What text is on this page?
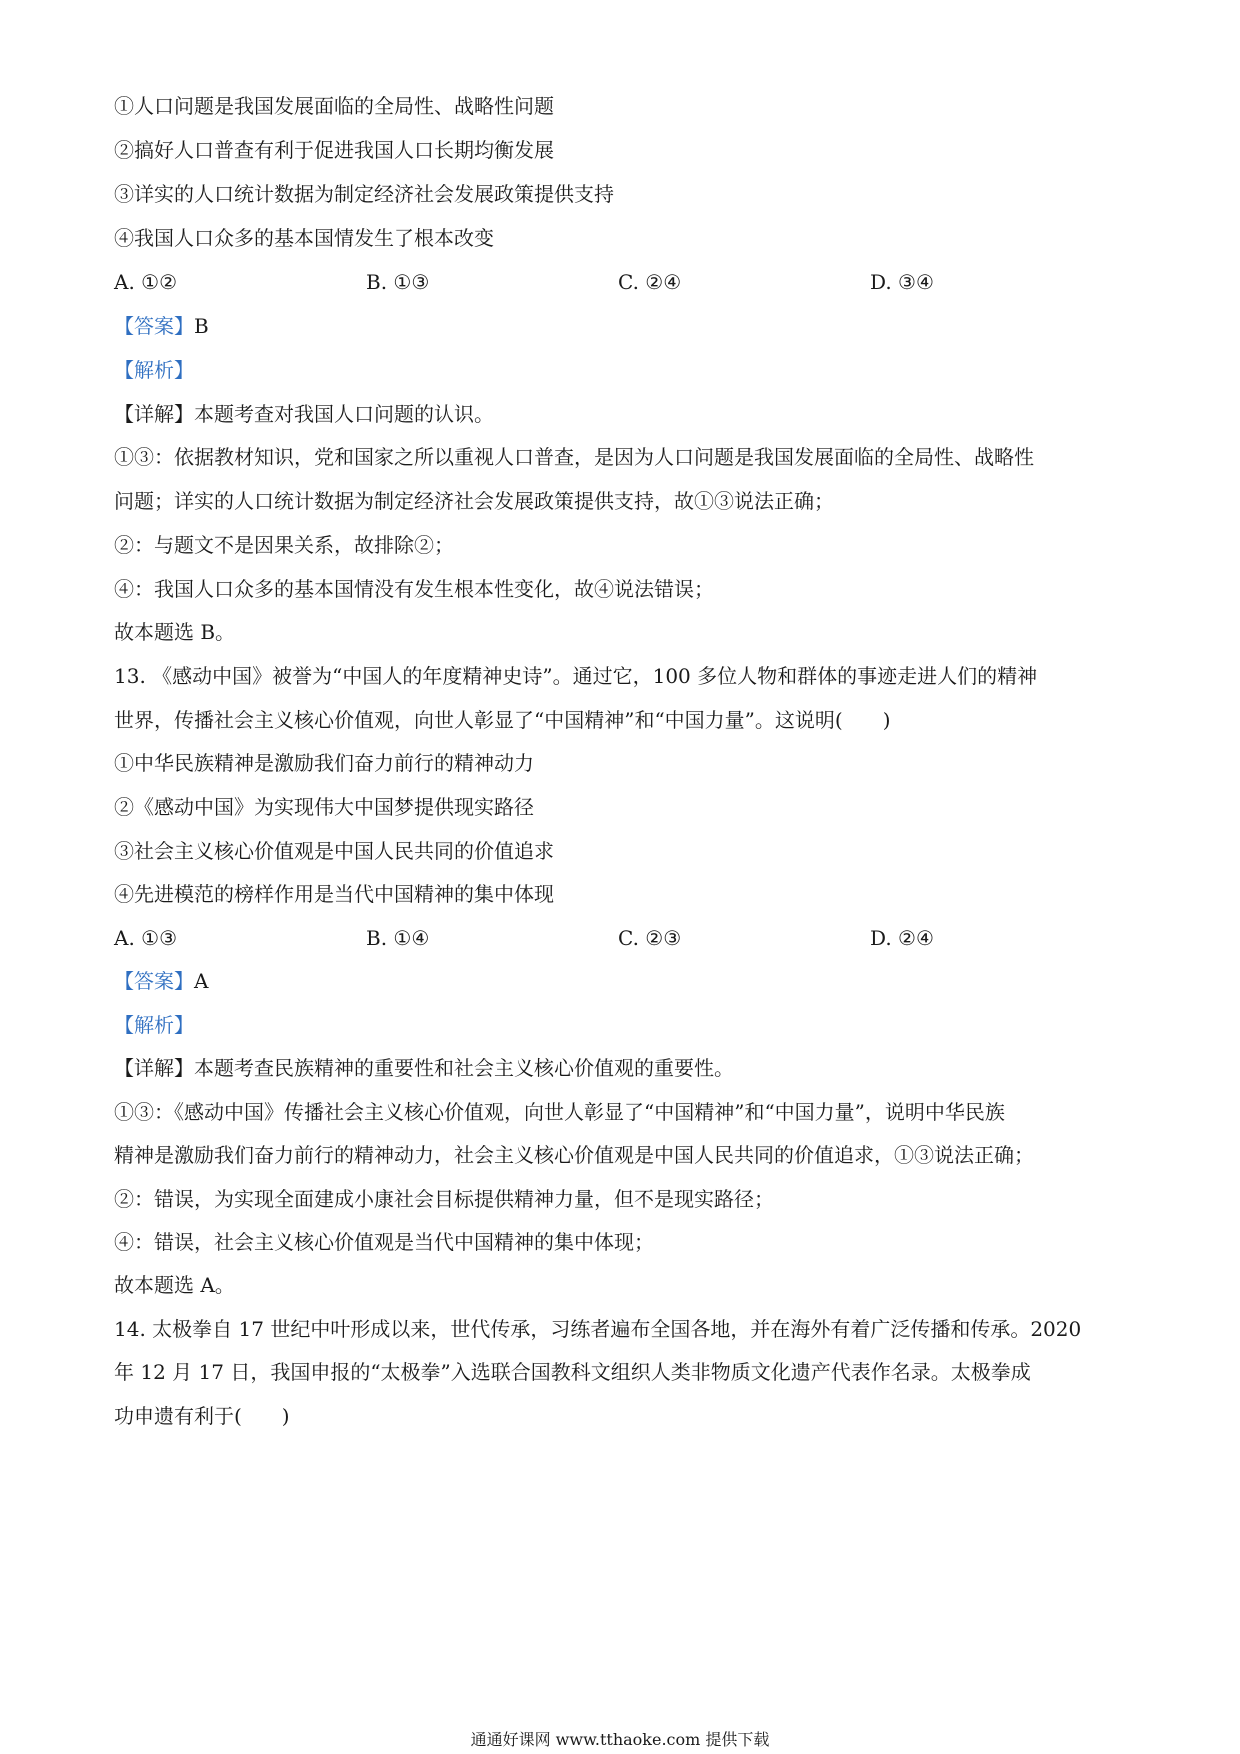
①人口问题是我国发展面临的全局性、战略性问题
②搞好人口普查有利于促进我国人口长期均衡发展
③详实的人口统计数据为制定经济社会发展政策提供支持
④我国人口众多的基本国情发生了根本改变
A. ①②	B. ①③	C. ②④	D. ③④
【答案】B
【解析】
【详解】本题考查对我国人口问题的认识。
①③：依据教材知识，党和国家之所以重视人口普查，是因为人口问题是我国发展面临的全局性、战略性
问题；详实的人口统计数据为制定经济社会发展政策提供支持，故①③说法正确；
②：与题文不是因果关系，故排除②；
④：我国人口众多的基本国情没有发生根本性变化，故④说法错误；
故本题选 B。
13. 《感动中国》被誉为“中国人的年度精神史诗”。通过它，100 多位人物和群体的事迹走进人们的精神
世界，传播社会主义核心价值观，向世人彰显了“中国精神”和“中国力量”。这说明(　　)
①中华民族精神是激励我们奋力前行的精神动力
②《感动中国》为实现伟大中国梦提供现实路径
③社会主义核心价值观是中国人民共同的价值追求
④先进模范的榜样作用是当代中国精神的集中体现
A. ①③	B. ①④	C. ②③	D. ②④
【答案】A
【解析】
【详解】本题考查民族精神的重要性和社会主义核心价值观的重要性。
①③：《感动中国》传播社会主义核心价值观，向世人彰显了“中国精神”和“中国力量”，说明中华民族
精神是激励我们奋力前行的精神动力，社会主义核心价值观是中国人民共同的价值追求，①③说法正确；
②：错误，为实现全面建成小康社会目标提供精神力量，但不是现实路径；
④：错误，社会主义核心价值观是当代中国精神的集中体现；
故本题选 A。
14. 太极拳自 17 世纪中叶形成以来，世代传承，习练者遍布全国各地，并在海外有着广泛传播和传承。2020
年 12 月 17 日，我国申报的“太极拳”入选联合国教科文组织人类非物质文化遗产代表作名录。太极拳成
功申遗有利于(　　)
通通好课网 www.tthaoke.com 提供下载
